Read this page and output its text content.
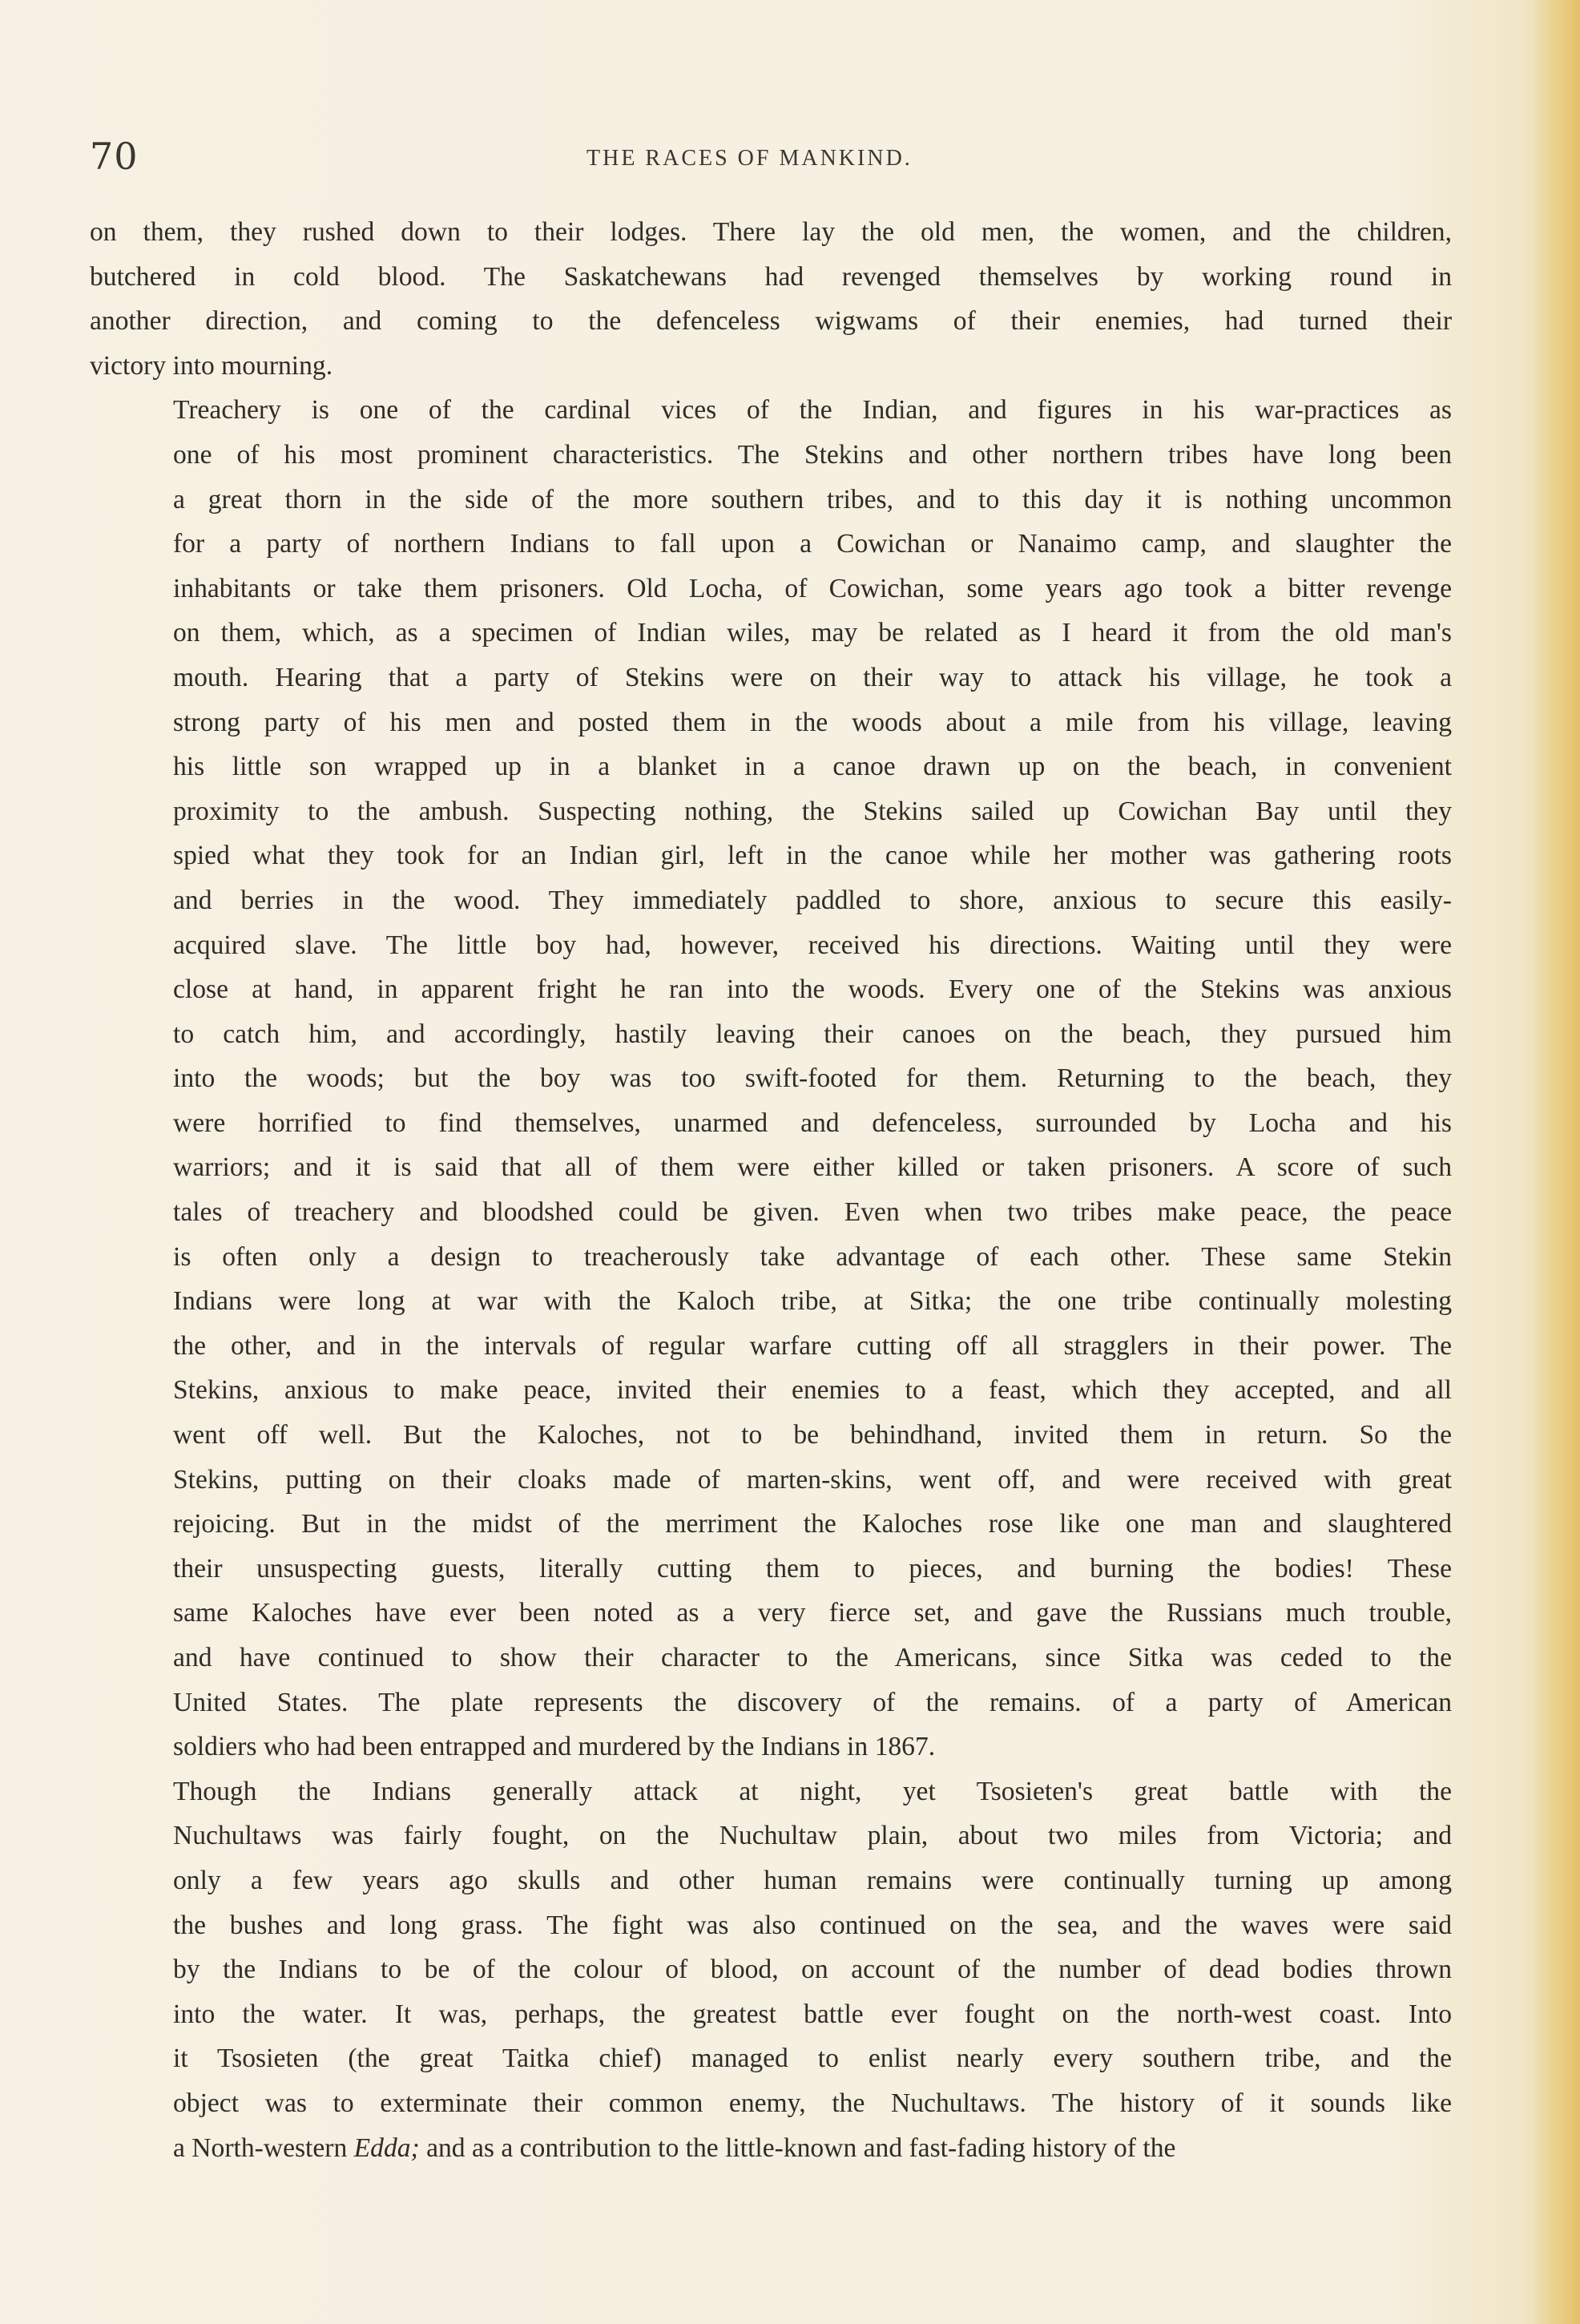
70	THE RACES OF MANKIND.

on them, they rushed down to their lodges. There lay the old men, the women, and the children,
butchered in cold blood. The Saskatchewans had revenged themselves by working round in
another direction, and coming to the defenceless wigwams of their enemies, had turned their
victory into mourning.

Treachery is one of the cardinal vices of the Indian, and figures in his war-practices as
one of his most prominent characteristics. The Stekins and other northern tribes have long been
a great thorn in the side of the more southern tribes, and to this day it is nothing uncommon
for a party of northern Indians to fall upon a Cowichan or Nanaimo camp, and slaughter the
inhabitants or take them prisoners. Old Locha, of Cowichan, some years ago took a bitter revenge
on them, which, as a specimen of Indian wiles, may be related as I heard it from the old man's
mouth. Hearing that a party of Stekins were on their way to attack his village, he took a
strong party of his men and posted them in the woods about a mile from his village, leaving
his little son wrapped up in a blanket in a canoe drawn up on the beach, in convenient
proximity to the ambush. Suspecting nothing, the Stekins sailed up Cowichan Bay until they
spied what they took for an Indian girl, left in the canoe while her mother was gathering roots
and berries in the wood. They immediately paddled to shore, anxious to secure this easily-
acquired slave. The little boy had, however, received his directions. Waiting until they were
close at hand, in apparent fright he ran into the woods. Every one of the Stekins was anxious
to catch him, and accordingly, hastily leaving their canoes on the beach, they pursued him
into the woods; but the boy was too swift-footed for them. Returning to the beach, they
were horrified to find themselves, unarmed and defenceless, surrounded by Locha and his
warriors; and it is said that all of them were either killed or taken prisoners. A score of such
tales of treachery and bloodshed could be given. Even when two tribes make peace, the peace
is often only a design to treacherously take advantage of each other. These same Stekin
Indians were long at war with the Kaloch tribe, at Sitka; the one tribe continually molesting
the other, and in the intervals of regular warfare cutting off all stragglers in their power. The
Stekins, anxious to make peace, invited their enemies to a feast, which they accepted, and all
went off well. But the Kaloches, not to be behindhand, invited them in return. So the
Stekins, putting on their cloaks made of marten-skins, went off, and were received with great
rejoicing. But in the midst of the merriment the Kaloches rose like one man and slaughtered
their unsuspecting guests, literally cutting them to pieces, and burning the bodies! These
same Kaloches have ever been noted as a very fierce set, and gave the Russians much trouble,
and have continued to show their character to the Americans, since Sitka was ceded to the
United States. The plate represents the discovery of the remains. of a party of American
soldiers who had been entrapped and murdered by the Indians in 1867.

Though the Indians generally attack at night, yet Tsosieten's great battle with the
Nuchultaws was fairly fought, on the Nuchultaw plain, about two miles from Victoria; and
only a few years ago skulls and other human remains were continually turning up among
the bushes and long grass. The fight was also continued on the sea, and the waves were said
by the Indians to be of the colour of blood, on account of the number of dead bodies thrown
into the water. It was, perhaps, the greatest battle ever fought on the north-west coast. Into
it Tsosieten (the great Taitka chief) managed to enlist nearly every southern tribe, and the
object was to exterminate their common enemy, the Nuchultaws. The history of it sounds like
a North-western Edda; and as a contribution to the little-known and fast-fading history of the
